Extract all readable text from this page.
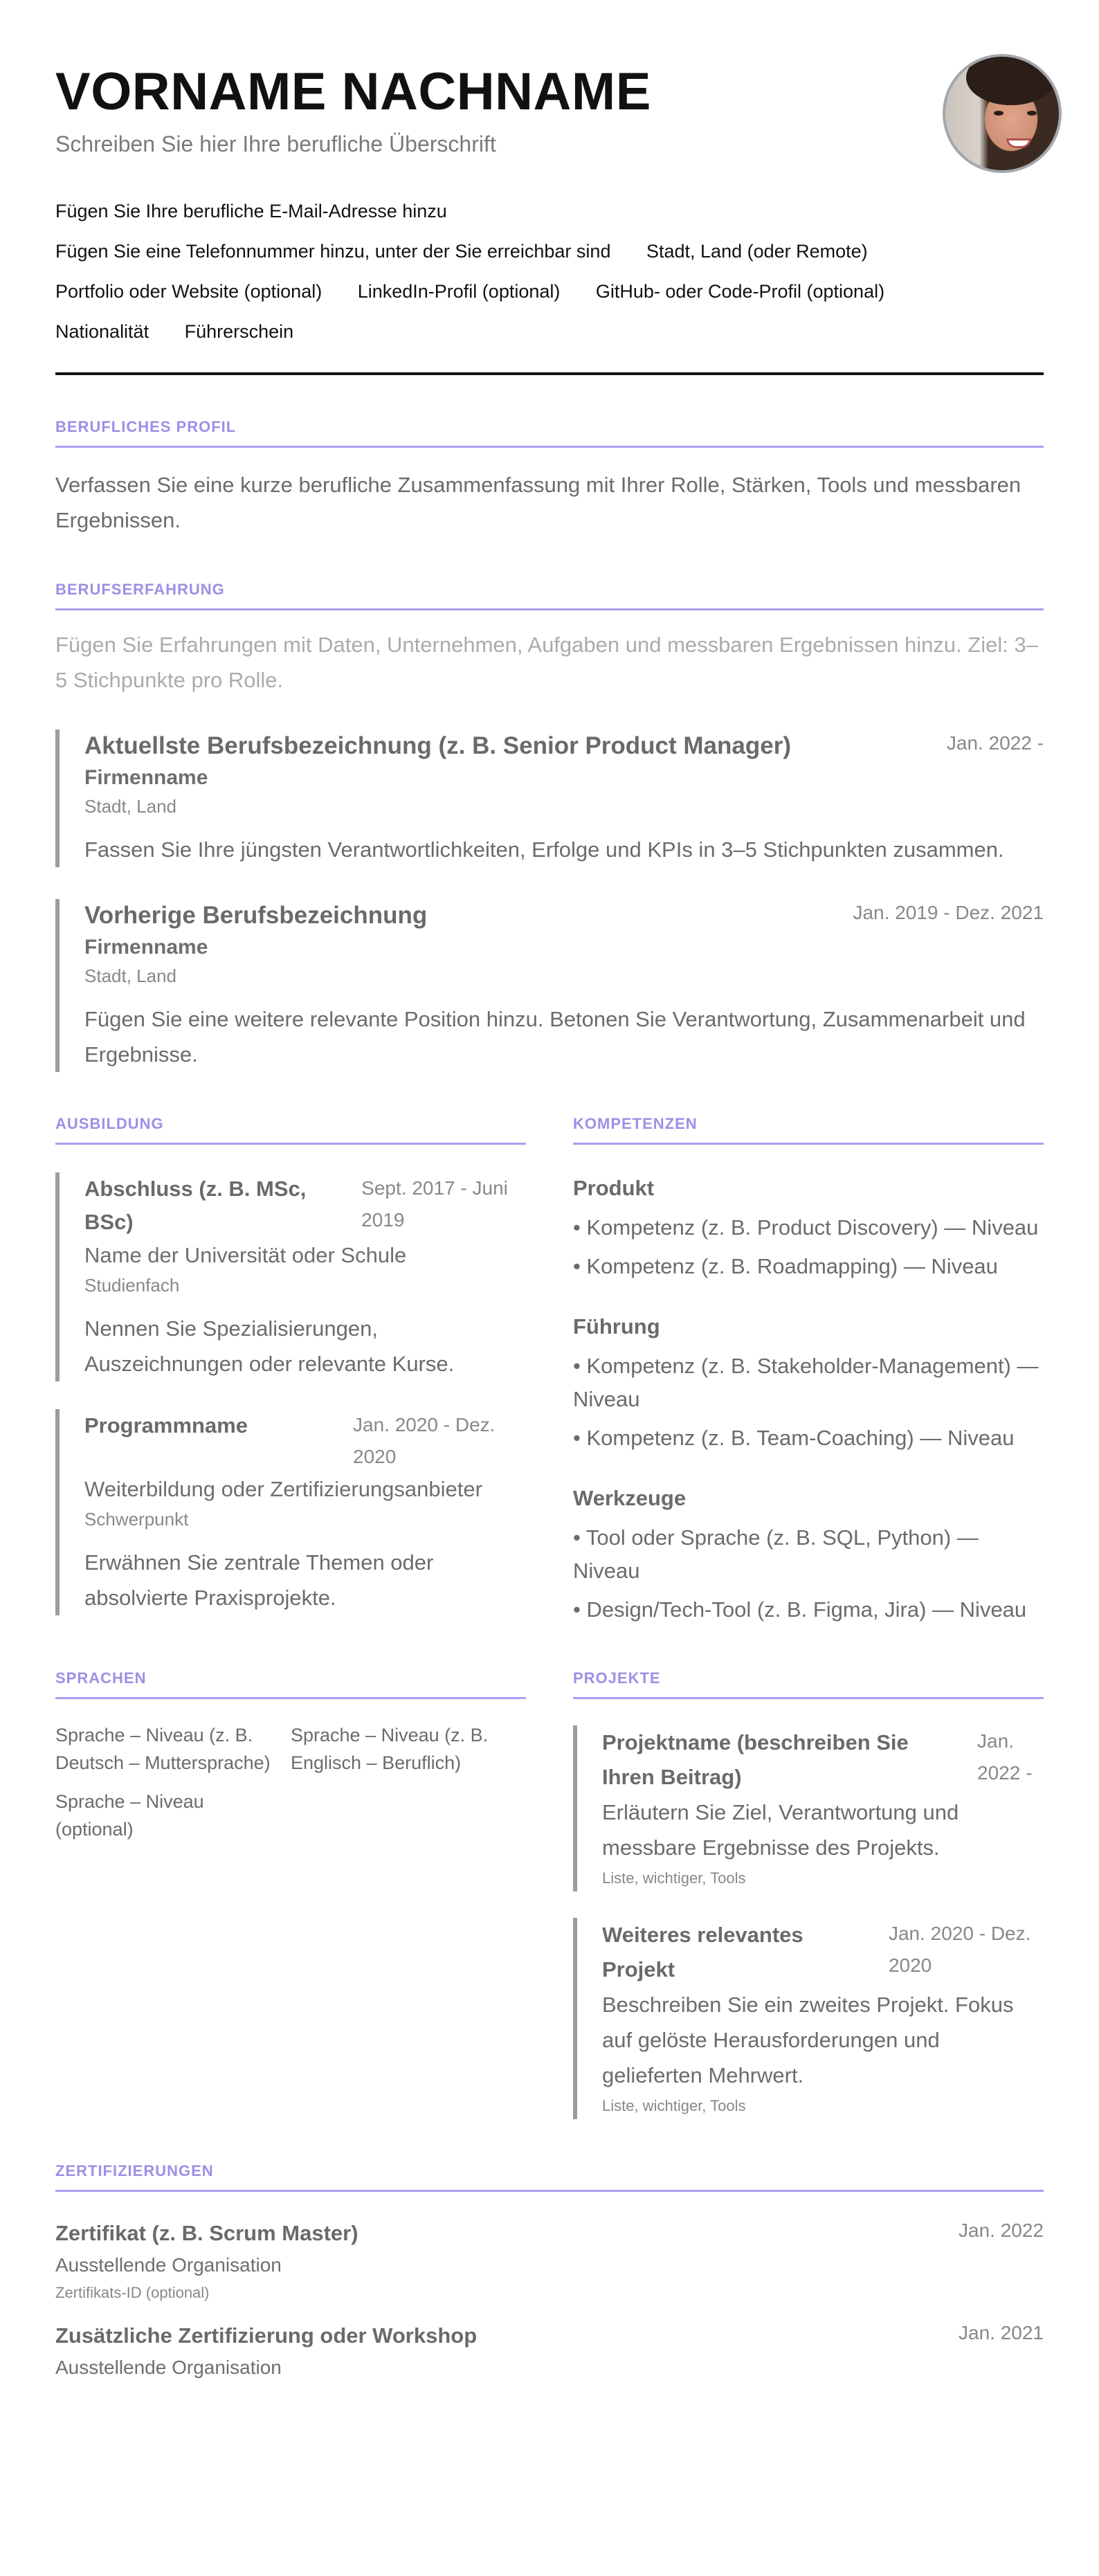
VORNAME NACHNAME
Schreiben Sie hier Ihre berufliche Überschrift
Fügen Sie Ihre berufliche E-Mail-Adresse hinzu
Fügen Sie eine Telefonnummer hinzu, unter der Sie erreichbar sind Stadt, Land (oder Remote)
Portfolio oder Website (optional) LinkedIn-Profil (optional) GitHub- oder Code-Profil (optional)
Nationalität Führerschein
BERUFLICHES PROFIL
Verfassen Sie eine kurze berufliche Zusammenfassung mit Ihrer Rolle, Stärken, Tools und messbaren Ergebnissen.
BERUFSERFAHRUNG
Fügen Sie Erfahrungen mit Daten, Unternehmen, Aufgaben und messbaren Ergebnissen hinzu. Ziel: 3–5 Stichpunkte pro Rolle.
Aktuellste Berufsbezeichnung (z. B. Senior Product Manager)	Jan. 2022 -
Firmenname
Stadt, Land
Fassen Sie Ihre jüngsten Verantwortlichkeiten, Erfolge und KPIs in 3–5 Stichpunkten zusammen.
Vorherige Berufsbezeichnung	Jan. 2019 - Dez. 2021
Firmenname
Stadt, Land
Fügen Sie eine weitere relevante Position hinzu. Betonen Sie Verantwortung, Zusammenarbeit und Ergebnisse.
AUSBILDUNG
Abschluss (z. B. MSc, BSc)
Sept. 2017 - Juni 2019
Name der Universität oder Schule
Studienfach
Nennen Sie Spezialisierungen, Auszeichnungen oder relevante Kurse.
Programmname	Jan. 2020 - Dez. 2020
Weiterbildung oder Zertifizierungsanbieter
Schwerpunkt
Erwähnen Sie zentrale Themen oder absolvierte Praxisprojekte.
KOMPETENZEN
Produkt
• Kompetenz (z. B. Product Discovery) — Niveau
• Kompetenz (z. B. Roadmapping) — Niveau
Führung
• Kompetenz (z. B. Stakeholder-Management) — Niveau
• Kompetenz (z. B. Team-Coaching) — Niveau
Werkzeuge
• Tool oder Sprache (z. B. SQL, Python) — Niveau
• Design/Tech-Tool (z. B. Figma, Jira) — Niveau
SPRACHEN
Sprache – Niveau (z. B. Deutsch – Muttersprache)
Sprache – Niveau (z. B. Englisch – Beruflich)
Sprache – Niveau (optional)
PROJEKTE
Projektname (beschreiben Sie Ihren Beitrag)
Jan. 2022 -
Erläutern Sie Ziel, Verantwortung und messbare Ergebnisse des Projekts.
Liste, wichtiger, Tools
Weiteres relevantes Projekt
Jan. 2020 - Dez. 2020
Beschreiben Sie ein zweites Projekt. Fokus auf gelöste Herausforderungen und gelieferten Mehrwert.
Liste, wichtiger, Tools
ZERTIFIZIERUNGEN
Zertifikat (z. B. Scrum Master)
Ausstellende Organisation
Zertifikats-ID (optional)
Jan. 2022
Zusätzliche Zertifizierung oder Workshop
Ausstellende Organisation
Jan. 2021
